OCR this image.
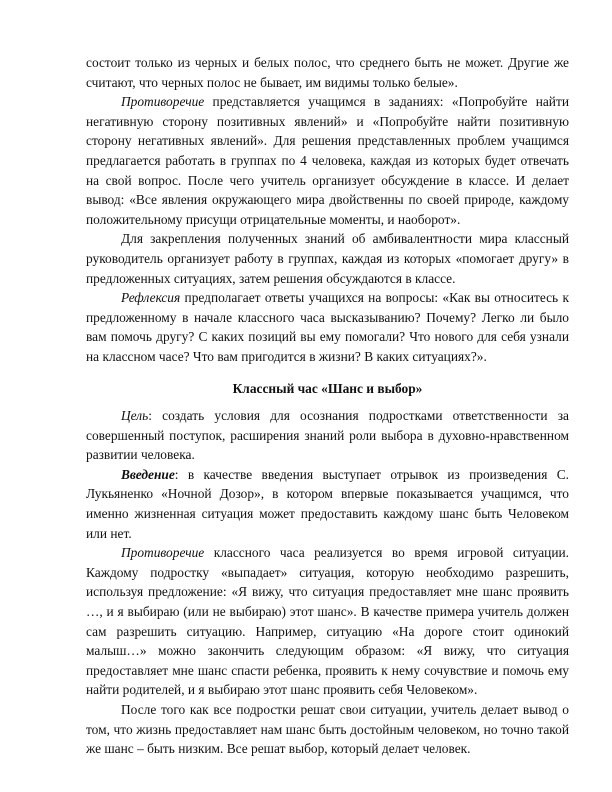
состоит только из черных и белых полос, что среднего быть не может. Другие же считают, что черных полос не бывает, им видимы только белые».

Противоречие представляется учащимся в заданиях: «Попробуйте найти негативную сторону позитивных явлений» и «Попробуйте найти позитивную сторону негативных явлений». Для решения представленных проблем учащимся предлагается работать в группах по 4 человека, каждая из которых будет отвечать на свой вопрос. После чего учитель организует обсуждение в классе. И делает вывод: «Все явления окружающего мира двойственны по своей природе, каждому положительному присущи отрицательные моменты, и наоборот».

Для закрепления полученных знаний об амбивалентности мира классный руководитель организует работу в группах, каждая из которых «помогает другу» в предложенных ситуациях, затем решения обсуждаются в классе.

Рефлексия предполагает ответы учащихся на вопросы: «Как вы относитесь к предложенному в начале классного часа высказыванию? Почему? Легко ли было вам помочь другу? С каких позиций вы ему помогали? Что нового для себя узнали на классном часе? Что вам пригодится в жизни? В каких ситуациях?».

Классный час «Шанс и выбор»

Цель: создать условия для осознания подростками ответственности за совершенный поступок, расширения знаний роли выбора в духовно-нравственном развитии человека.

Введение: в качестве введения выступает отрывок из произведения С. Лукьяненко «Ночной Дозор», в котором впервые показывается учащимся, что именно жизненная ситуация может предоставить каждому шанс быть Человеком или нет.

Противоречие классного часа реализуется во время игровой ситуации. Каждому подростку «выпадает» ситуация, которую необходимо разрешить, используя предложение: «Я вижу, что ситуация предоставляет мне шанс проявить …, и я выбираю (или не выбираю) этот шанс». В качестве примера учитель должен сам разрешить ситуацию. Например, ситуацию «На дороге стоит одинокий малыш…» можно закончить следующим образом: «Я вижу, что ситуация предоставляет мне шанс спасти ребенка, проявить к нему сочувствие и помочь ему найти родителей, и я выбираю этот шанс проявить себя Человеком».

После того как все подростки решат свои ситуации, учитель делает вывод о том, что жизнь предоставляет нам шанс быть достойным человеком, но точно такой же шанс – быть низким. Все решат выбор, который делает человек.
